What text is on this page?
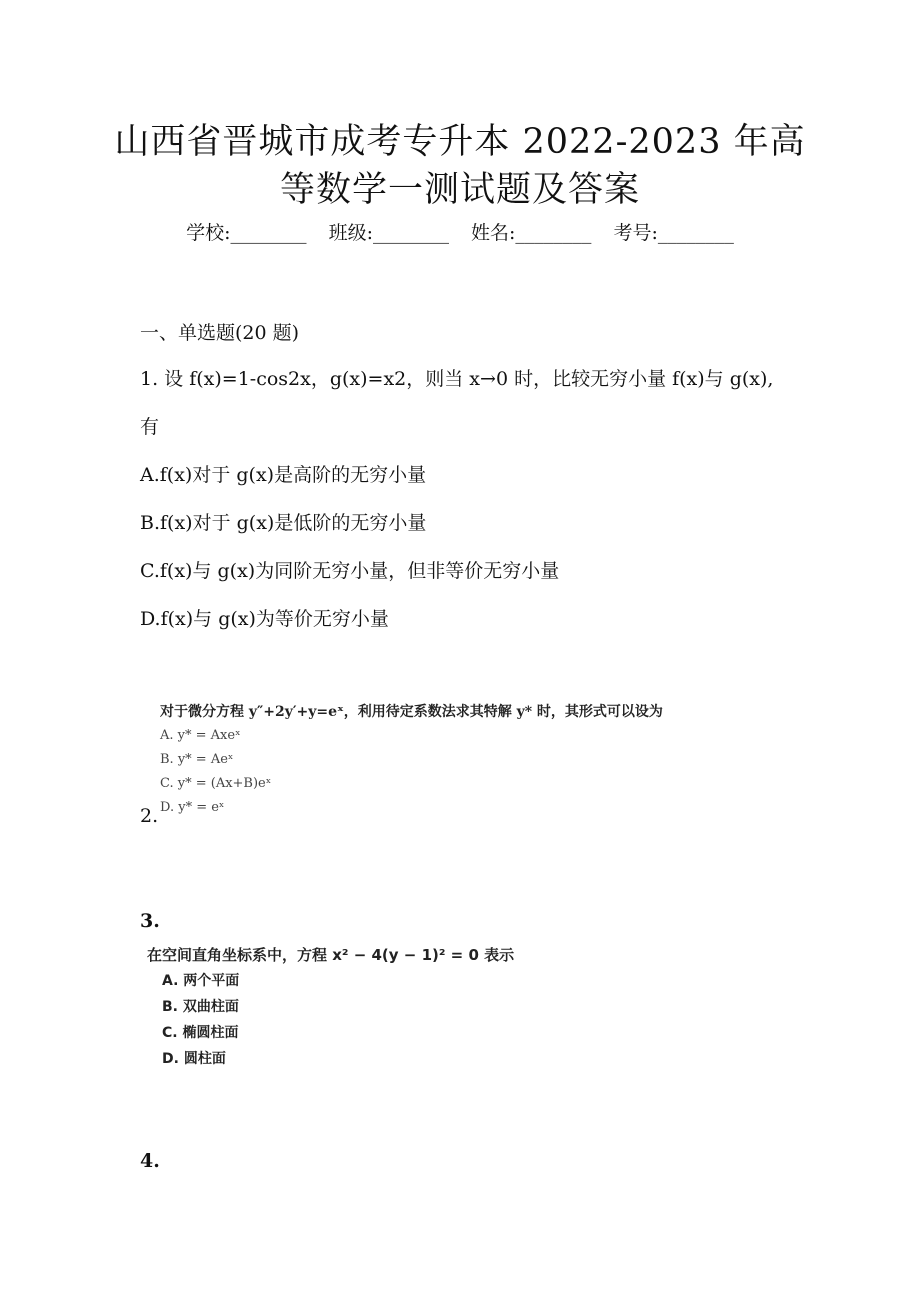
山西省晋城市成考专升本 2022-2023 年高
等数学一测试题及答案
学校:________ 班级:________ 姓名:________ 考号:________
一、单选题(20 题)
1. 设 f(x)=1-cos2x，g(x)=x2，则当 x→0 时，比较无穷小量 f(x)与 g(x),
有
A.f(x)对于 g(x)是高阶的无穷小量
B.f(x)对于 g(x)是低阶的无穷小量
C.f(x)与 g(x)为同阶无穷小量，但非等价无穷小量
D.f(x)与 g(x)为等价无穷小量
对于微分方程 y″+2y′+y=eˣ，利用待定系数法求其特解 y* 时，其形式可以设为
A. y* = Axeˣ
B. y* = Aeˣ
C. y* = (Ax+B)eˣ
D. y* = eˣ
2.
3.
在空间直角坐标系中，方程 x² − 4(y − 1)² = 0 表示
A. 两个平面
B. 双曲柱面
C. 椭圆柱面
D. 圆柱面
4.
